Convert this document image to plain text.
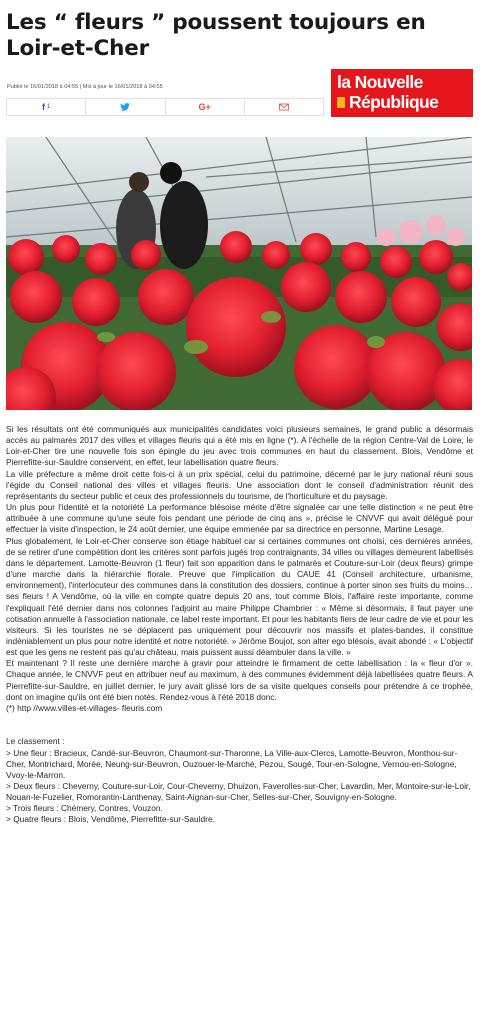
Les “ fleurs ” poussent toujours en Loir-et-Cher
Publié le 16/01/2018 à 04:55 | Mis à jour le 16/01/2018 à 04:55	la Nouvelle
République
f 1	G+

Si les résultats ont été communiqués aux municipalités candidates voici plusieurs semaines, le grand public a désormais accès au palmarès 2017 des villes et villages fleuris qui a été mis en ligne (*). A l'échelle de la région Centre-Val de Loire, le Loir-et-Cher tire une nouvelle fois son épingle du jeu avec trois communes en haut du classement. Blois, Vendôme et Pierrefitte-sur-Sauldre conservent, en effet, leur labellisation quatre fleurs.

La ville préfecture a même droit cette fois-ci à un prix spécial, celui du patrimoine, décerné par le jury national réuni sous l'égide du Conseil national des villes et villages fleuris. Une association dont le conseil d'administration réunit des représentants du secteur public et ceux des professionnels du tourisme, de l'horticulture et du paysage.

Un plus pour l'identité et la notoriété La performance blésoise mérite d'être signalée car une telle distinction « ne peut être attribuée à une commune qu'une seule fois pendant une période de cinq ans », précise le CNVVF qui avait délégué pour effectuer la visite d'inspection, le 24 août dernier, une équipe emmenée par sa directrice en personne, Martine Lesage.

Plus globalement, le Loir-et-Cher conserve son étiage habituel car si certaines communes ont choisi, ces dernières années, de se retirer d'une compétition dont les critères sont parfois jugés trop contraignants, 34 villes ou villages demeurent labellisés dans le département. Lamotte-Beuvron (1 fleur) fait son apparition dans le palmarès et Couture-sur-Loir (deux fleurs) grimpe d'une marche dans la hiérarchie florale. Preuve que l'implication du CAUE 41 (Conseil architecture, urbanisme, environnement), l'interlocuteur des communes dans la constitution des dossiers, continue à porter sinon ses fruits du moins… ses fleurs ! A Vendôme, où la ville en compte quatre depuis 20 ans, tout comme Blois, l'affaire reste importante, comme l'expliquait l'été dernier dans nos colonnes l'adjoint au maire Philippe Chambrier : « Même si désormais, il faut payer une cotisation annuelle à l'association nationale, ce label reste important. Et pour les habitants fiers de leur cadre de vie et pour les visiteurs. Si les touristes ne se déplacent pas uniquement pour découvrir nos massifs et plates-bandes, il constitue indéniablement un plus pour notre identité et notre notoriété. » Jérôme Boujot, son alter ego blésois, avait abondé : « L'objectif est que les gens ne restent pas qu'au château, mais puissent aussi déambuler dans la ville. »

Et maintenant ? Il reste une dernière marche à gravir pour atteindre le firmament de cette labellisation : la « fleur d'or ». Chaque année, le CNVVF peut en attribuer neuf au maximum, à des communes évidemment déjà labellisées quatre fleurs. A Pierrefitte-sur-Sauldre, en juillet dernier, le jury avait glissé lors de sa visite quelques conseils pour prétendre à ce trophée, dont on imagine qu'ils ont été bien notés. Rendez-vous à l'été 2018 donc.

(*) http //www.villes-et-villages- fleuris.com

Le classement :

> Une fleur : Bracieux, Candé-sur-Beuvron, Chaumont-sur-Tharonne, La Ville-aux-Clercs, Lamotte-Beuvron, Monthou-sur-Cher, Montrichard, Morée, Neung-sur-Beuvron, Ouzouer-le-Marché, Pezou, Sougé, Tour-en-Sologne, Vernou-en-Sologne, Vvoy-le-Marron.

> Deux fleurs : Cheverny, Couture-sur-Loir, Cour-Cheverny, Dhuizon, Faverolles-sur-Cher, Lavardin, Mer, Montoire-sur-le-Loir, Nouan-le-Fuzelier, Romorantin-Lanthenay, Saint-Aignan-sur-Cher, Selles-sur-Cher, Souvigny-en-Sologne.

> Trois fleurs : Chémery, Contres, Vouzon.

> Quatre fleurs : Blois, Vendôme, Pierrefitte-sur-Sauldre.
